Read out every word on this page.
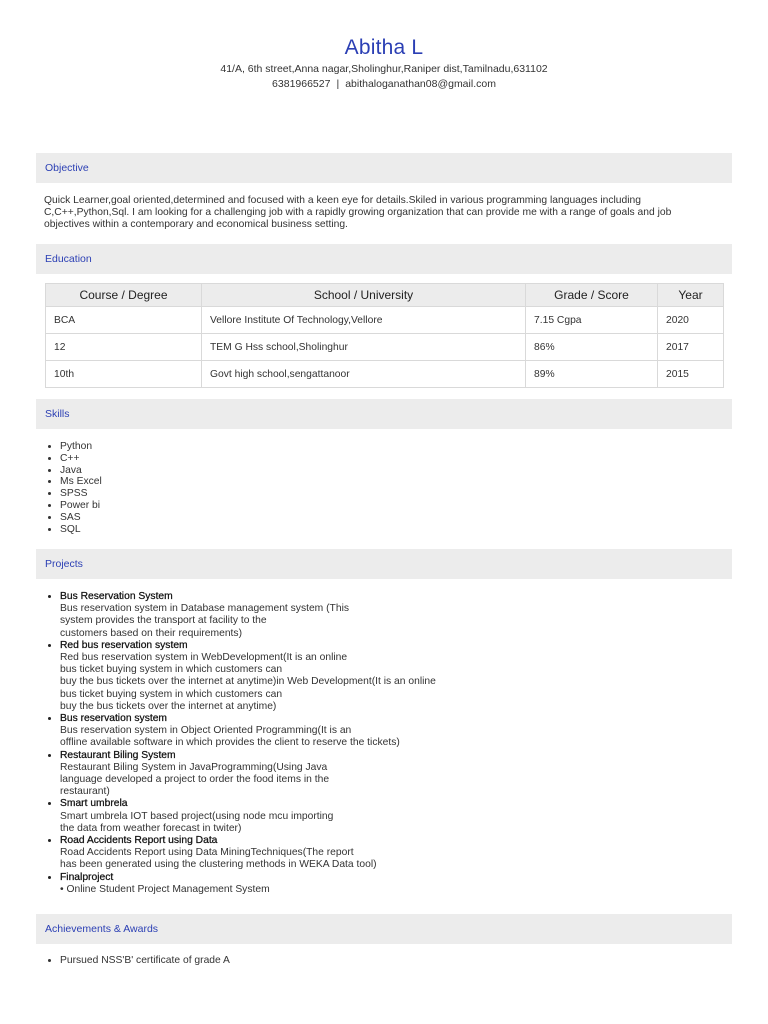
Abitha L
41/A, 6th street,Anna nagar,Sholinghur,Raniper dist,Tamilnadu,631102
6381966527 | abithaloganathan08@gmail.com
Objective
Quick Learner,goal oriented,determined and focused with a keen eye for details.Skiled in various programming languages including C,C++,Python,Sql. I am looking for a challenging job with a rapidly growing organization that can provide me with a range of goals and job objectives within a contemporary and economical business setting.
Education
Course / Degree	School / University	Grade / Score	Year
BCA	Vellore Institute Of Technology,Vellore	7.15 Cgpa	2020
12	TEM G Hss school,Sholinghur	86%	2017
10th	Govt high school,sengattanoor	89%	2015
Skills
• Python
• C++
• Java
• Ms Excel
• SPSS
• Power bi
• SAS
• SQL
Projects
• Bus Reservation System
Bus reservation system in Database management system (This
system provides the transport at facility to the
customers based on their requirements)
• Red bus reservation system
Red bus reservation system in WebDevelopment(It is an online
bus ticket buying system in which customers can
buy the bus tickets over the internet at anytime)in Web Development(It is an online
bus ticket buying system in which customers can
buy the bus tickets over the internet at anytime)
• Bus reservation system
Bus reservation system in Object Oriented Programming(It is an
offline available software in which provides the client to reserve the tickets)
• Restaurant Biling System
Restaurant Biling System in JavaProgramming(Using Java
language developed a project to order the food items in the
restaurant)
• Smart umbrela
Smart umbrela IOT based project(using node mcu importing
the data from weather forecast in twiter)
• Road Accidents Report using Data
Road Accidents Report using Data MiningTechniques(The report
has been generated using the clustering methods in WEKA Data tool)
• Finalproject
• Online Student Project Management System
Achievements & Awards
• Pursued NSS'B' certificate of grade A
